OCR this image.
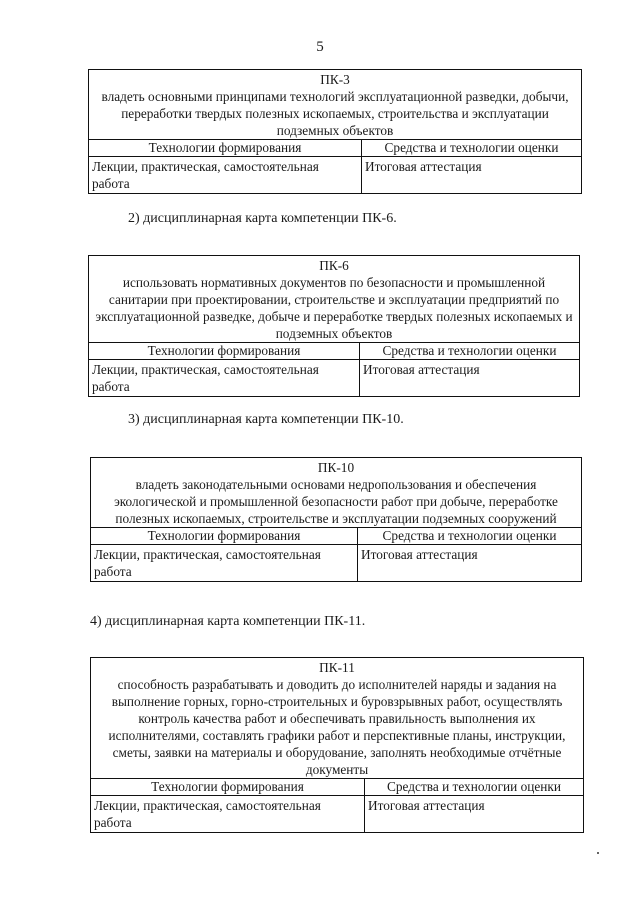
5
ПК-3
владеть основными принципами технологий эксплуатационной разведки, добычи, переработки твердых полезных ископаемых, строительства и эксплуатации подземных объектов	
Технологии формирования	Средства и технологии оценки
Лекции, практическая, самостоятельная работа	Итоговая аттестация
2) дисциплинарная карта компетенции ПК-6.
ПК-6
использовать нормативных документов по безопасности и промышленной санитарии при проектировании, строительстве и эксплуатации предприятий по эксплуатационной разведке, добыче и переработке твердых полезных ископаемых и подземных объектов	
Технологии формирования	Средства и технологии оценки
Лекции, практическая, самостоятельная работа	Итоговая аттестация
3) дисциплинарная карта компетенции ПК-10.
ПК-10
владеть законодательными основами недропользования и обеспечения экологической и промышленной безопасности работ при добыче, переработке полезных ископаемых, строительстве и эксплуатации подземных сооружений	
Технологии формирования	Средства и технологии оценки
Лекции, практическая, самостоятельная работа	Итоговая аттестация
4) дисциплинарная карта компетенции ПК-11.
ПК-11
способность разрабатывать и доводить до исполнителей наряды и задания на выполнение горных, горно-строительных и буровзрывных работ, осуществлять контроль качества работ и обеспечивать правильность выполнения их исполнителями, составлять графики работ и перспективные планы, инструкции, сметы, заявки на материалы и оборудование, заполнять необходимые отчётные документы	
Технологии формирования	Средства и технологии оценки
Лекции, практическая, самостоятельная работа	Итоговая аттестация
